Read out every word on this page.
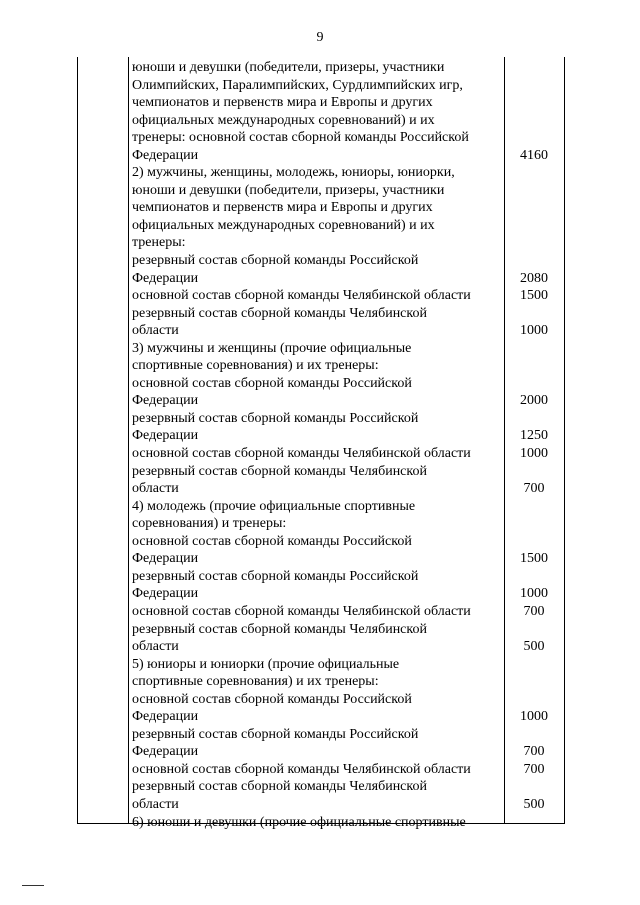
9
юноши и девушки (победители, призеры, участники
Олимпийских, Паралимпийских, Сурдлимпийских игр,
чемпионатов и первенств мира и Европы и других
официальных международных соревнований) и их
тренеры: основной состав сборной команды Российской
Федерации	4160
2) мужчины, женщины, молодежь, юниоры, юниорки,
юноши и девушки (победители, призеры, участники
чемпионатов и первенств мира и Европы и других
официальных международных соревнований) и их
тренеры:
резервный состав сборной команды Российской
Федерации	2080
основной состав сборной команды Челябинской области	1500
резервный состав сборной команды Челябинской
области	1000
3) мужчины и женщины (прочие официальные
спортивные соревнования) и их тренеры:
основной состав сборной команды Российской
Федерации	2000
резервный состав сборной команды Российской
Федерации	1250
основной состав сборной команды Челябинской области	1000
резервный состав сборной команды Челябинской
области	700
4) молодежь (прочие официальные спортивные
соревнования) и тренеры:
основной состав сборной команды Российской
Федерации	1500
резервный состав сборной команды Российской
Федерации	1000
основной состав сборной команды Челябинской области	700
резервный состав сборной команды Челябинской
области	500
5) юниоры и юниорки (прочие официальные
спортивные соревнования) и их тренеры:
основной состав сборной команды Российской
Федерации	1000
резервный состав сборной команды Российской
Федерации	700
основной состав сборной команды Челябинской области	700
резервный состав сборной команды Челябинской
области	500
6) юноши и девушки (прочие официальные спортивные
